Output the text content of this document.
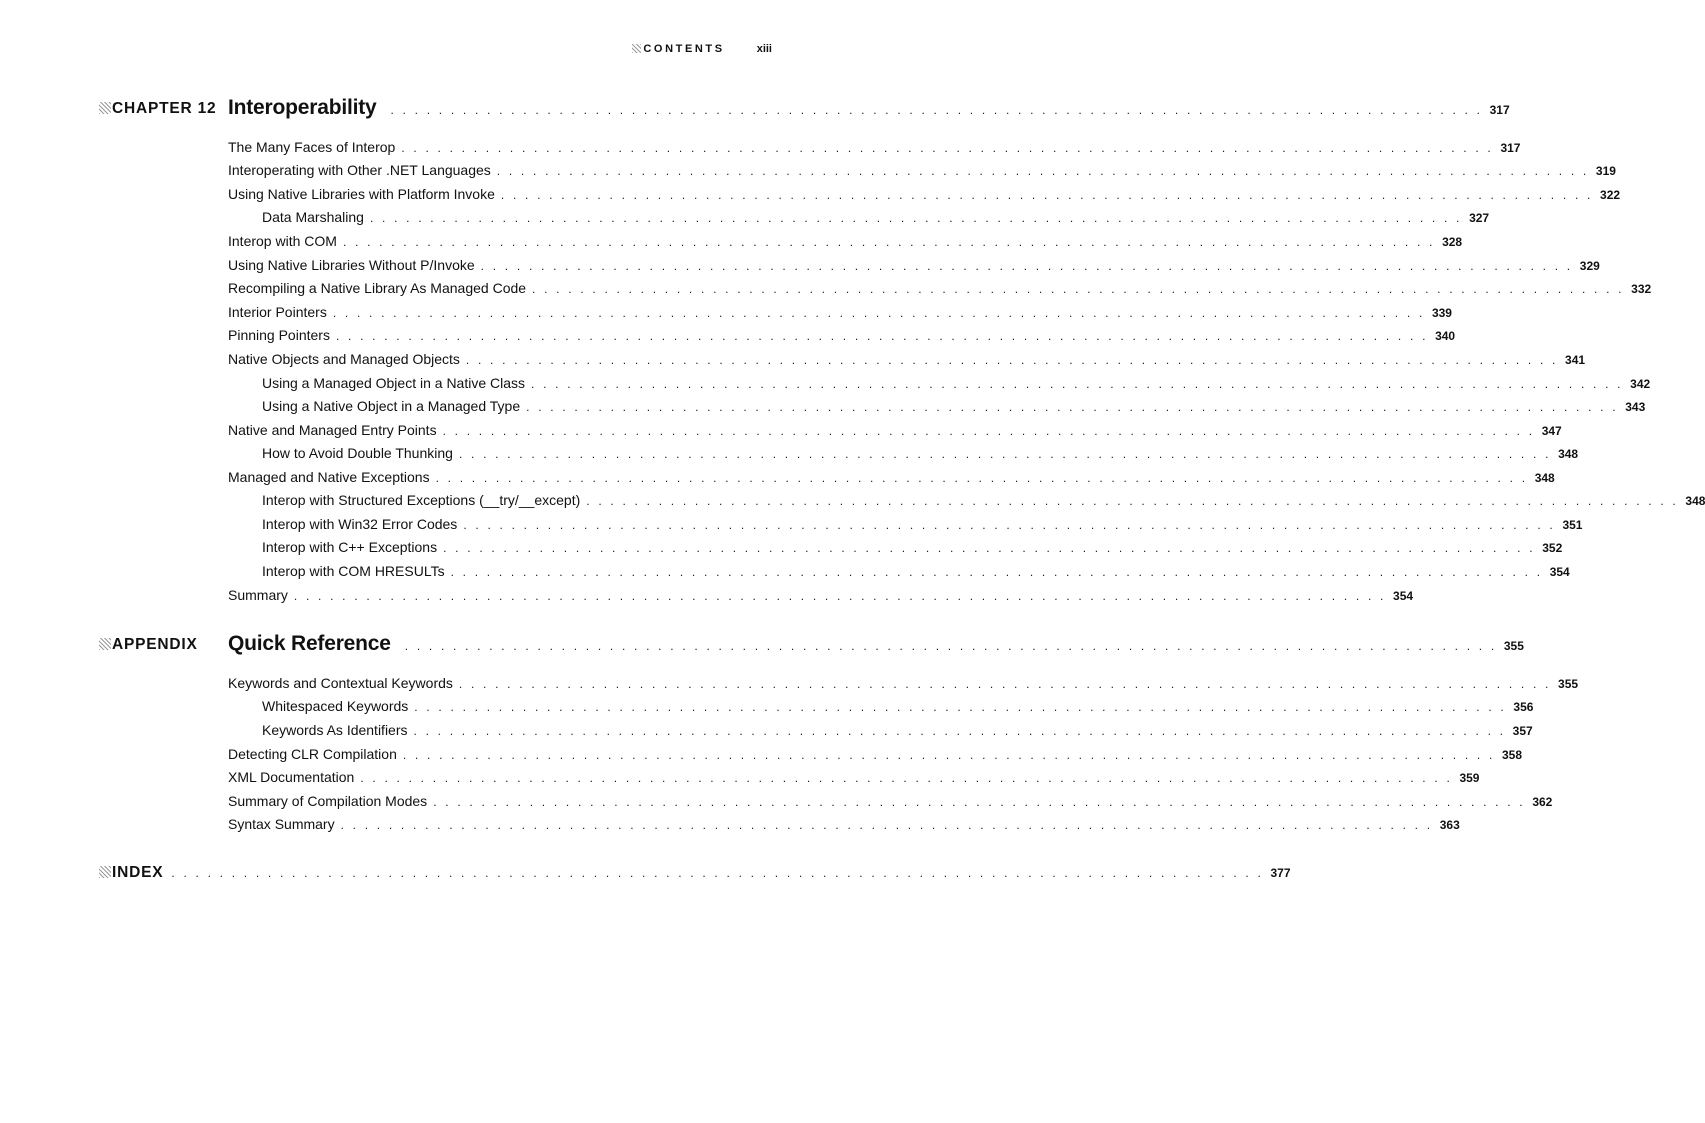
CONTENTS	xiii
CHAPTER 12 Interoperability	. . . . . . . . . . . . . . . . . . . . . . . . . . . . . . . . . . . . . . . . . . . . . . . . . . . . . . . . . . . . . . . . . . . . . . . . . . . . . . . . . . . . . . . . . . . 317
The Many Faces of Interop . . . . . . . . . . . . . . . . . . . . . . . . . . . . . . . . . . . . . . . . . . . . . . . . . . . . . . . . . . . . . . . . . . . . . . . . . . . . . . . . . . . . . . . . . . . 317
Interoperating with Other .NET Languages . . . . . . . . . . . . . . . . . . . . . . . . . . . . . . . . . . . . . . . . . . . . . . . . . . . . . . . . . . . . . . . . . . . . . . . . . . . . . . . . . . . . . . . . . . . 319
Using Native Libraries with Platform Invoke . . . . . . . . . . . . . . . . . . . . . . . . . . . . . . . . . . . . . . . . . . . . . . . . . . . . . . . . . . . . . . . . . . . . . . . . . . . . . . . . . . . . . . . . . . . 322
Data Marshaling . . . . . . . . . . . . . . . . . . . . . . . . . . . . . . . . . . . . . . . . . . . . . . . . . . . . . . . . . . . . . . . . . . . . . . . . . . . . . . . . . . . . . . . . . . . 327
Interop with COM . . . . . . . . . . . . . . . . . . . . . . . . . . . . . . . . . . . . . . . . . . . . . . . . . . . . . . . . . . . . . . . . . . . . . . . . . . . . . . . . . . . . . . . . . . . 328
Using Native Libraries Without P/Invoke . . . . . . . . . . . . . . . . . . . . . . . . . . . . . . . . . . . . . . . . . . . . . . . . . . . . . . . . . . . . . . . . . . . . . . . . . . . . . . . . . . . . . . . . . . . 329
Recompiling a Native Library As Managed Code . . . . . . . . . . . . . . . . . . . . . . . . . . . . . . . . . . . . . . . . . . . . . . . . . . . . . . . . . . . . . . . . . . . . . . . . . . . . . . . . . . . . . . . . . . . 332
Interior Pointers . . . . . . . . . . . . . . . . . . . . . . . . . . . . . . . . . . . . . . . . . . . . . . . . . . . . . . . . . . . . . . . . . . . . . . . . . . . . . . . . . . . . . . . . . . . 339
Pinning Pointers . . . . . . . . . . . . . . . . . . . . . . . . . . . . . . . . . . . . . . . . . . . . . . . . . . . . . . . . . . . . . . . . . . . . . . . . . . . . . . . . . . . . . . . . . . . 340
Native Objects and Managed Objects . . . . . . . . . . . . . . . . . . . . . . . . . . . . . . . . . . . . . . . . . . . . . . . . . . . . . . . . . . . . . . . . . . . . . . . . . . . . . . . . . . . . . . . . . . . 341
Using a Managed Object in a Native Class . . . . . . . . . . . . . . . . . . . . . . . . . . . . . . . . . . . . . . . . . . . . . . . . . . . . . . . . . . . . . . . . . . . . . . . . . . . . . . . . . . . . . . . . . . . 342
Using a Native Object in a Managed Type . . . . . . . . . . . . . . . . . . . . . . . . . . . . . . . . . . . . . . . . . . . . . . . . . . . . . . . . . . . . . . . . . . . . . . . . . . . . . . . . . . . . . . . . . . . 343
Native and Managed Entry Points . . . . . . . . . . . . . . . . . . . . . . . . . . . . . . . . . . . . . . . . . . . . . . . . . . . . . . . . . . . . . . . . . . . . . . . . . . . . . . . . . . . . . . . . . . . 347
How to Avoid Double Thunking . . . . . . . . . . . . . . . . . . . . . . . . . . . . . . . . . . . . . . . . . . . . . . . . . . . . . . . . . . . . . . . . . . . . . . . . . . . . . . . . . . . . . . . . . . . 348
Managed and Native Exceptions . . . . . . . . . . . . . . . . . . . . . . . . . . . . . . . . . . . . . . . . . . . . . . . . . . . . . . . . . . . . . . . . . . . . . . . . . . . . . . . . . . . . . . . . . . . 348
Interop with Structured Exceptions (__try/__except) . . . . . . . . . . . . . . . . . . . . . . . . . . . . . . . . . . . . . . . . . . . . . . . . . . . . . . . . . . . . . . . . . . . . . . . . . . . . . . . . . . . . . . . . . . . 348
Interop with Win32 Error Codes . . . . . . . . . . . . . . . . . . . . . . . . . . . . . . . . . . . . . . . . . . . . . . . . . . . . . . . . . . . . . . . . . . . . . . . . . . . . . . . . . . . . . . . . . . . 351
Interop with C++ Exceptions . . . . . . . . . . . . . . . . . . . . . . . . . . . . . . . . . . . . . . . . . . . . . . . . . . . . . . . . . . . . . . . . . . . . . . . . . . . . . . . . . . . . . . . . . . . 352
Interop with COM HRESULTs . . . . . . . . . . . . . . . . . . . . . . . . . . . . . . . . . . . . . . . . . . . . . . . . . . . . . . . . . . . . . . . . . . . . . . . . . . . . . . . . . . . . . . . . . . . 354
Summary . . . . . . . . . . . . . . . . . . . . . . . . . . . . . . . . . . . . . . . . . . . . . . . . . . . . . . . . . . . . . . . . . . . . . . . . . . . . . . . . . . . . . . . . . . . 354
APPENDIX Quick Reference	. . . . . . . . . . . . . . . . . . . . . . . . . . . . . . . . . . . . . . . . . . . . . . . . . . . . . . . . . . . . . . . . . . . . . . . . . . . . . . . . . . . . . . . . . . . 355
Keywords and Contextual Keywords . . . . . . . . . . . . . . . . . . . . . . . . . . . . . . . . . . . . . . . . . . . . . . . . . . . . . . . . . . . . . . . . . . . . . . . . . . . . . . . . . . . . . . . . . . . 355
Whitespaced Keywords . . . . . . . . . . . . . . . . . . . . . . . . . . . . . . . . . . . . . . . . . . . . . . . . . . . . . . . . . . . . . . . . . . . . . . . . . . . . . . . . . . . . . . . . . . . 356
Keywords As Identifiers . . . . . . . . . . . . . . . . . . . . . . . . . . . . . . . . . . . . . . . . . . . . . . . . . . . . . . . . . . . . . . . . . . . . . . . . . . . . . . . . . . . . . . . . . . . 357
Detecting CLR Compilation . . . . . . . . . . . . . . . . . . . . . . . . . . . . . . . . . . . . . . . . . . . . . . . . . . . . . . . . . . . . . . . . . . . . . . . . . . . . . . . . . . . . . . . . . . . 358
XML Documentation . . . . . . . . . . . . . . . . . . . . . . . . . . . . . . . . . . . . . . . . . . . . . . . . . . . . . . . . . . . . . . . . . . . . . . . . . . . . . . . . . . . . . . . . . . . 359
Summary of Compilation Modes . . . . . . . . . . . . . . . . . . . . . . . . . . . . . . . . . . . . . . . . . . . . . . . . . . . . . . . . . . . . . . . . . . . . . . . . . . . . . . . . . . . . . . . . . . . 362
Syntax Summary . . . . . . . . . . . . . . . . . . . . . . . . . . . . . . . . . . . . . . . . . . . . . . . . . . . . . . . . . . . . . . . . . . . . . . . . . . . . . . . . . . . . . . . . . . . 363
INDEX . . . . . . . . . . . . . . . . . . . . . . . . . . . . . . . . . . . . . . . . . . . . . . . . . . . . . . . . . . . . . . . . . . . . . . . . . . . . . . . . . . . . . . . . . . . 377
